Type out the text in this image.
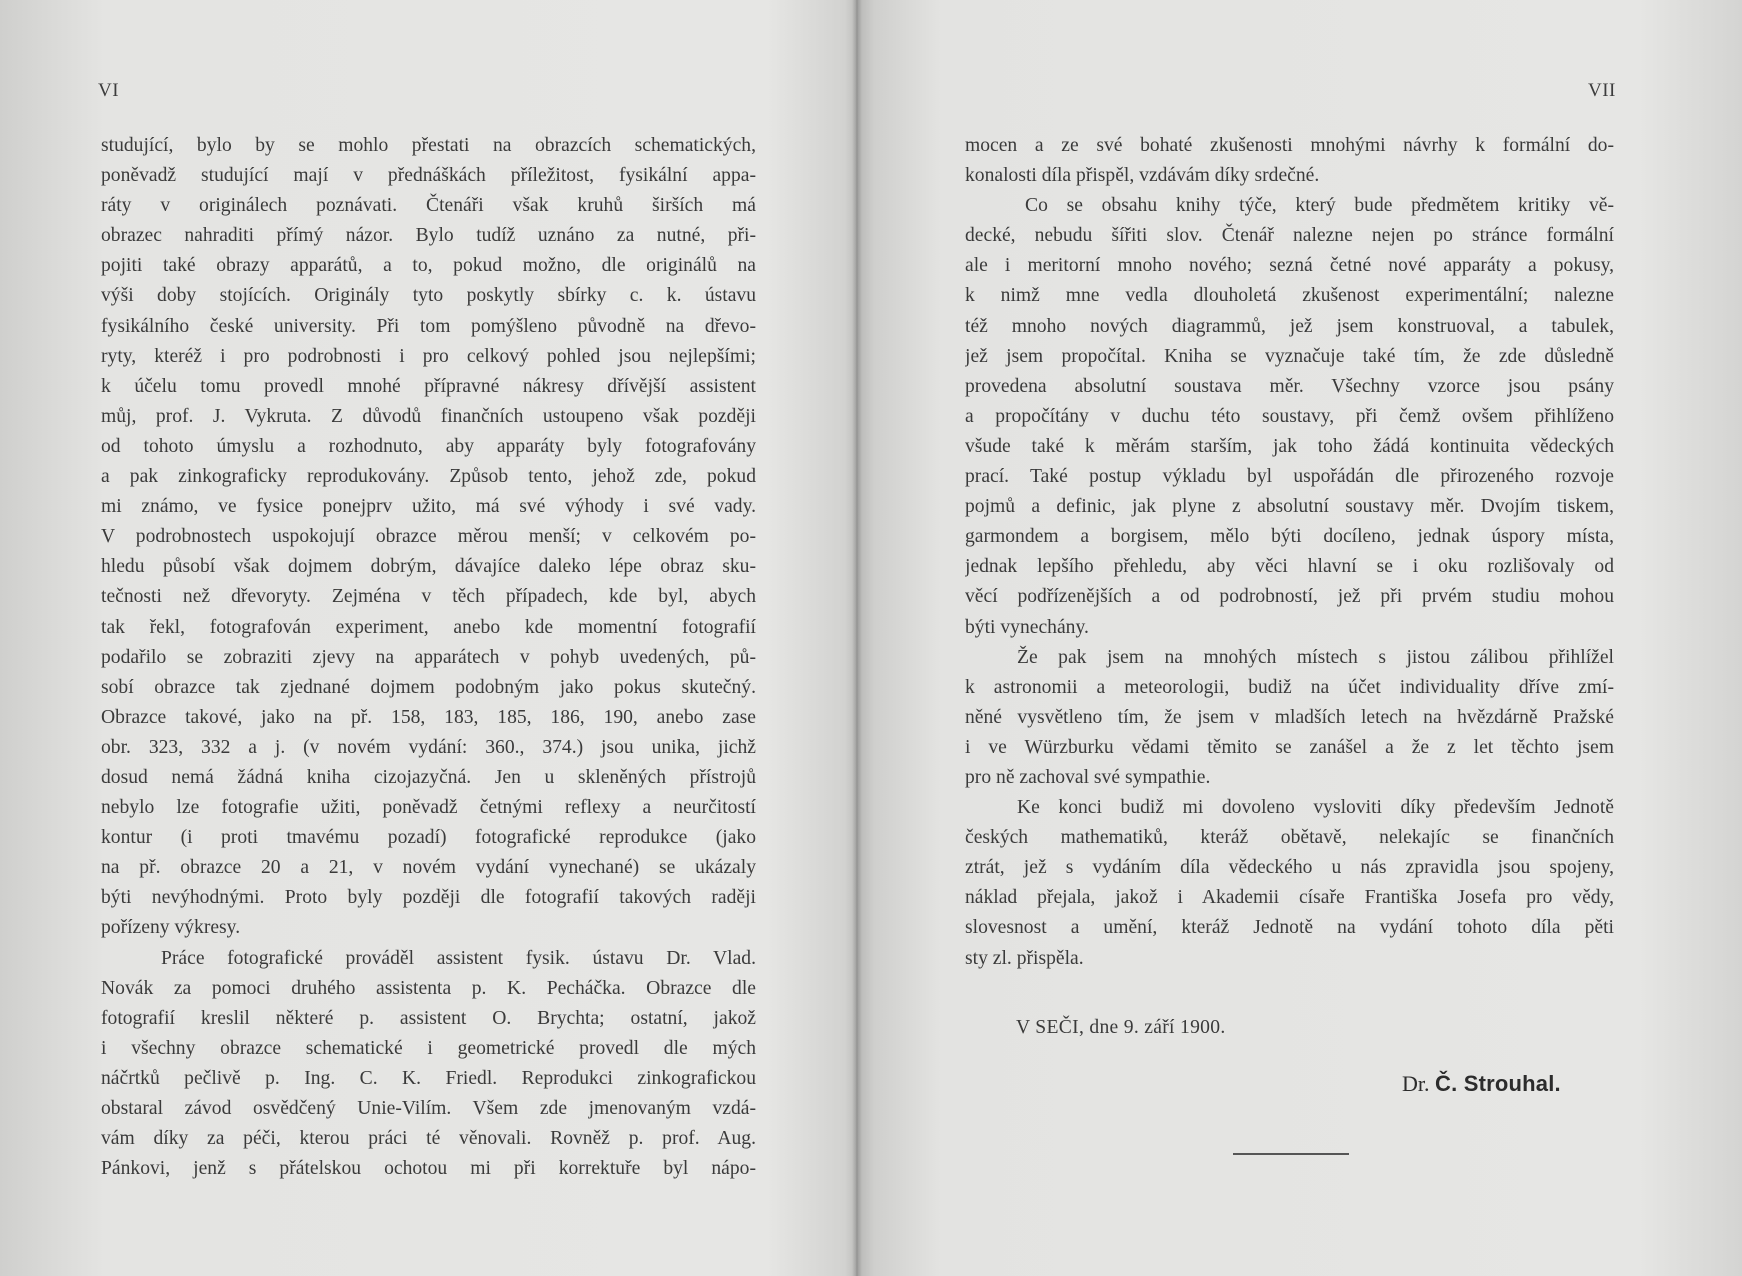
VI
studující, bylo by se mohlo přestati na obrazcích schematických,
poněvadž studující mají v přednáškách příležitost, fysikální appa-
ráty v originálech poznávati. Čtenáři však kruhů širších má
obrazec nahraditi přímý názor. Bylo tudíž uznáno za nutné, při-
pojiti také obrazy apparátů, a to, pokud možno, dle originálů na
výši doby stojících. Originály tyto poskytly sbírky c. k. ústavu
fysikálního české university. Při tom pomýšleno původně na dřevo-
ryty, kteréž i pro podrobnosti i pro celkový pohled jsou nejlepšími;
k účelu tomu provedl mnohé přípravné nákresy dřívější assistent
můj, prof. J. Vykruta. Z důvodů finančních ustoupeno však později
od tohoto úmyslu a rozhodnuto, aby apparáty byly fotografovány
a pak zinkograficky reprodukovány. Způsob tento, jehož zde, pokud
mi známo, ve fysice ponejprv užito, má své výhody i své vady.
V podrobnostech uspokojují obrazce měrou menší; v celkovém po-
hledu působí však dojmem dobrým, dávajíce daleko lépe obraz sku-
tečnosti než dřevoryty. Zejména v těch případech, kde byl, abych
tak řekl, fotografován experiment, anebo kde momentní fotografií
podařilo se zobraziti zjevy na apparátech v pohyb uvedených, pů-
sobí obrazce tak zjednané dojmem podobným jako pokus skutečný.
Obrazce takové, jako na př. 158, 183, 185, 186, 190, anebo zase
obr. 323, 332 a j. (v novém vydání: 360., 374.) jsou unika, jichž
dosud nemá žádná kniha cizojazyčná. Jen u skleněných přístrojů
nebylo lze fotografie užiti, poněvadž četnými reflexy a neurčitostí
kontur (i proti tmavému pozadí) fotografické reprodukce (jako
na př. obrazce 20 a 21, v novém vydání vynechané) se ukázaly
býti nevýhodnými. Proto byly později dle fotografií takových raději
pořízeny výkresy.
Práce fotografické prováděl assistent fysik. ústavu Dr. Vlad.
Novák za pomoci druhého assistenta p. K. Pecháčka. Obrazce dle
fotografií kreslil některé p. assistent O. Brychta; ostatní, jakož
i všechny obrazce schematické i geometrické provedl dle mých
náčrtků pečlivě p. Ing. C. K. Friedl. Reprodukci zinkografickou
obstaral závod osvědčený Unie-Vilím. Všem zde jmenovaným vzdá-
vám díky za péči, kterou práci té věnovali. Rovněž p. prof. Aug.
Pánkovi, jenž s přátelskou ochotou mi při korrektuře byl nápo-
VII
mocen a ze své bohaté zkušenosti mnohými návrhy k formální do-
konalosti díla přispěl, vzdávám díky srdečné.
Co se obsahu knihy týče, který bude předmětem kritiky vě-
decké, nebudu šířiti slov. Čtenář nalezne nejen po stránce formální
ale i meritorní mnoho nového; sezná četné nové apparáty a pokusy,
k nimž mne vedla dlouholetá zkušenost experimentální; nalezne
též mnoho nových diagrammů, jež jsem konstruoval, a tabulek,
jež jsem propočítal. Kniha se vyznačuje také tím, že zde důsledně
provedena absolutní soustava měr. Všechny vzorce jsou psány
a propočítány v duchu této soustavy, při čemž ovšem přihlíženo
všude také k měrám starším, jak toho žádá kontinuita vědeckých
prací. Také postup výkladu byl uspořádán dle přirozeného rozvoje
pojmů a definic, jak plyne z absolutní soustavy měr. Dvojím tiskem,
garmondem a borgisem, mělo býti docíleno, jednak úspory místa,
jednak lepšího přehledu, aby věci hlavní se i oku rozlišovaly od
věcí podřízenějších a od podrobností, jež při prvém studiu mohou
býti vynechány.
Že pak jsem na mnohých místech s jistou zálibou přihlížel
k astronomii a meteorologii, budiž na účet individuality dříve zmí-
něné vysvětleno tím, že jsem v mladších letech na hvězdárně Pražské
i ve Würzburku vědami těmito se zanášel a že z let těchto jsem
pro ně zachoval své sympathie.
Ke konci budiž mi dovoleno vysloviti díky především Jednotě
českých mathematiků, kteráž obětavě, nelekajíc se finančních
ztrát, jež s vydáním díla vědeckého u nás zpravidla jsou spojeny,
náklad přejala, jakož i Akademii císaře Františka Josefa pro vědy,
slovesnost a umění, kteráž Jednotě na vydání tohoto díla pěti
sty zl. přispěla.
V SEČI, dne 9. září 1900.
Dr. Č. Strouhal.
